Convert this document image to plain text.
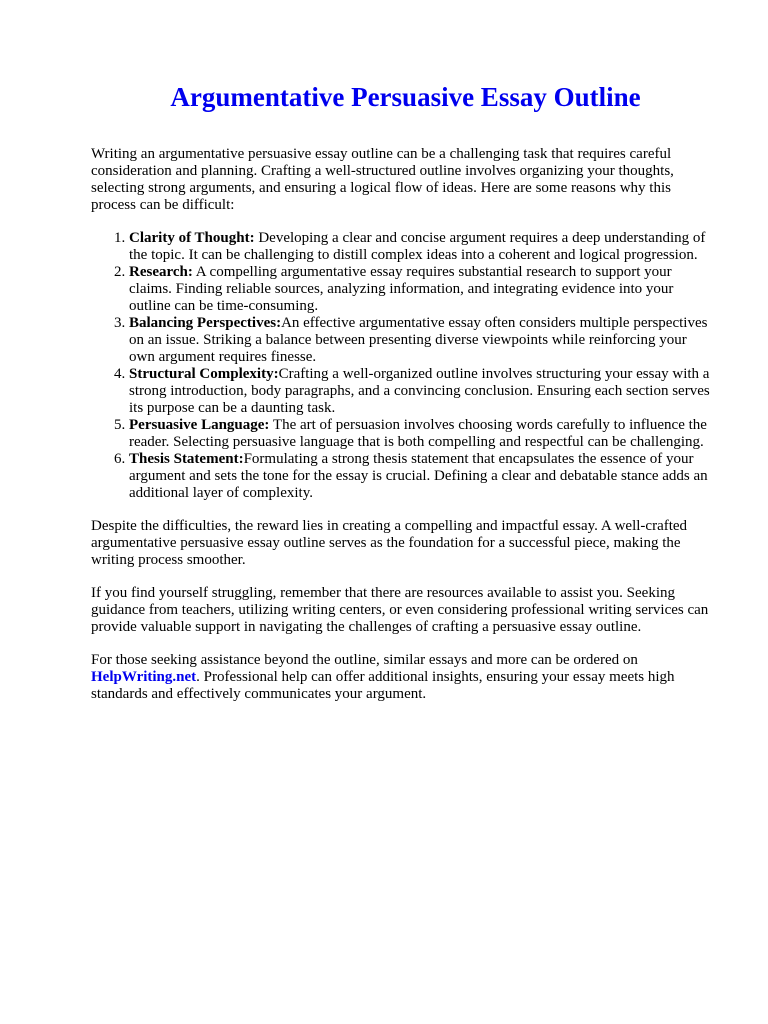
Argumentative Persuasive Essay Outline

Writing an argumentative persuasive essay outline can be a challenging task that requires careful consideration and planning. Crafting a well-structured outline involves organizing your thoughts, selecting strong arguments, and ensuring a logical flow of ideas. Here are some reasons why this process can be difficult:

1. Clarity of Thought: Developing a clear and concise argument requires a deep understanding of the topic. It can be challenging to distill complex ideas into a coherent and logical progression.
2. Research: A compelling argumentative essay requires substantial research to support your claims. Finding reliable sources, analyzing information, and integrating evidence into your outline can be time-consuming.
3. Balancing Perspectives:An effective argumentative essay often considers multiple perspectives on an issue. Striking a balance between presenting diverse viewpoints while reinforcing your own argument requires finesse.
4. Structural Complexity:Crafting a well-organized outline involves structuring your essay with a strong introduction, body paragraphs, and a convincing conclusion. Ensuring each section serves its purpose can be a daunting task.
5. Persuasive Language: The art of persuasion involves choosing words carefully to influence the reader. Selecting persuasive language that is both compelling and respectful can be challenging.
6. Thesis Statement:Formulating a strong thesis statement that encapsulates the essence of your argument and sets the tone for the essay is crucial. Defining a clear and debatable stance adds an additional layer of complexity.

Despite the difficulties, the reward lies in creating a compelling and impactful essay. A well-crafted argumentative persuasive essay outline serves as the foundation for a successful piece, making the writing process smoother.

If you find yourself struggling, remember that there are resources available to assist you. Seeking guidance from teachers, utilizing writing centers, or even considering professional writing services can provide valuable support in navigating the challenges of crafting a persuasive essay outline.

For those seeking assistance beyond the outline, similar essays and more can be ordered on HelpWriting.net. Professional help can offer additional insights, ensuring your essay meets high standards and effectively communicates your argument.
